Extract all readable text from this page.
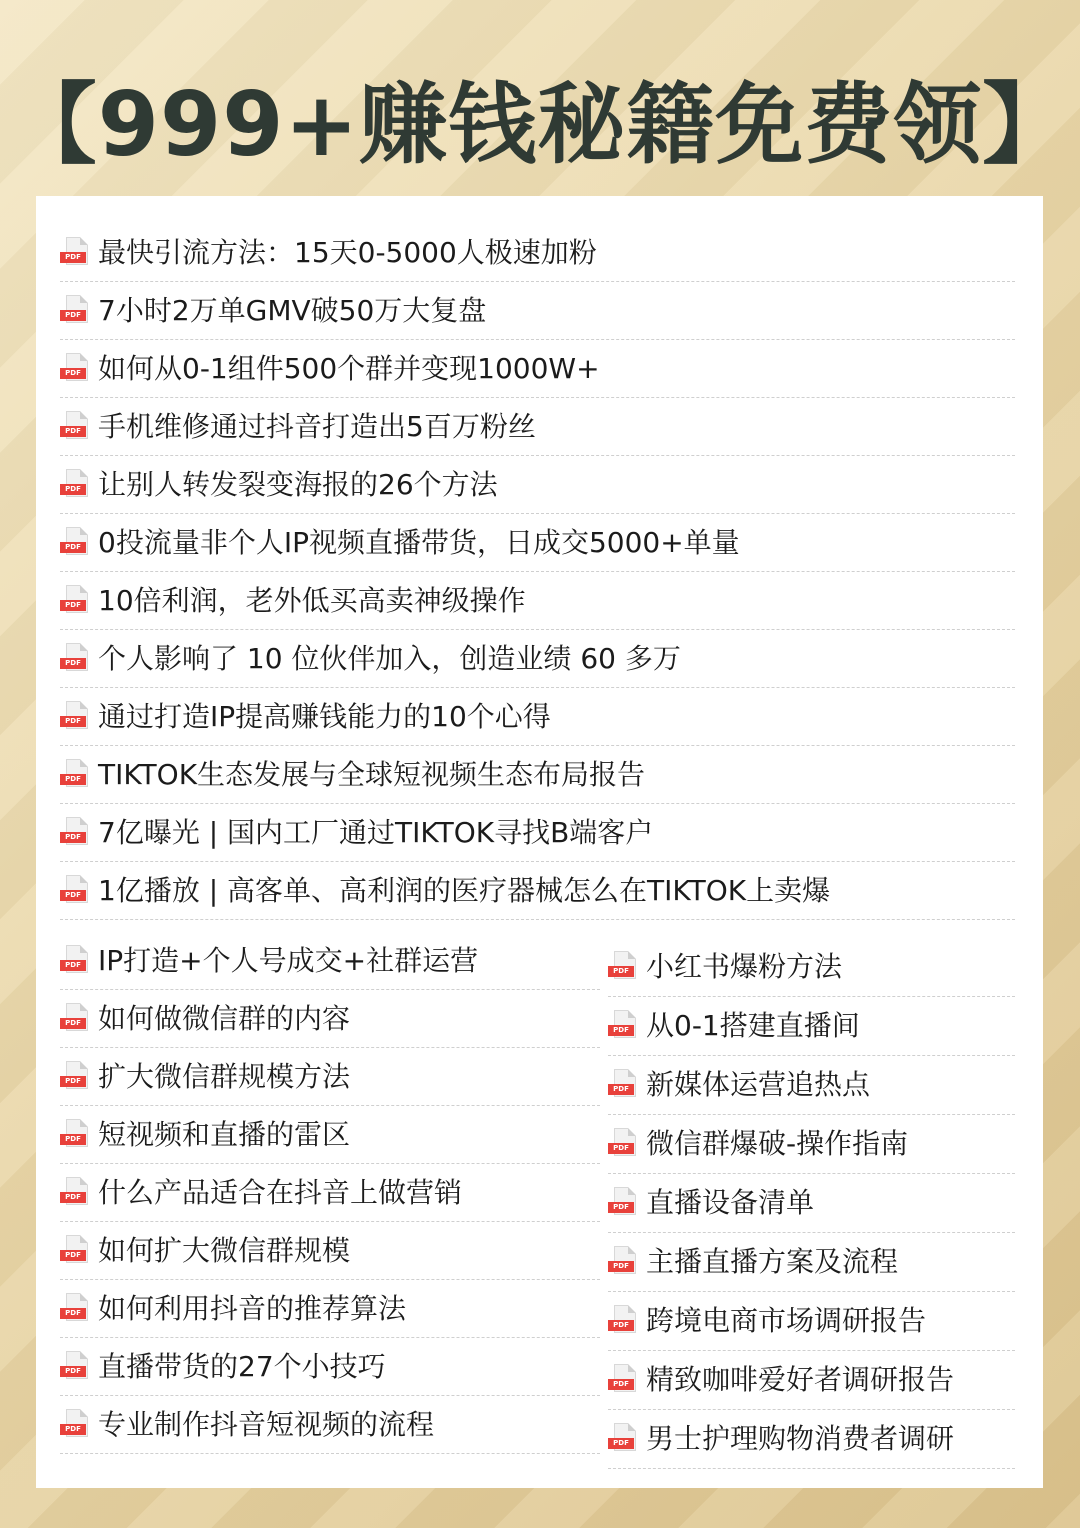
【999+赚钱秘籍免费领】
PDF 最快引流方法：15天0-5000人极速加粉
PDF 7小时2万单GMV破50万大复盘
PDF 如何从0-1组件500个群并变现1000W+
PDF 手机维修通过抖音打造出5百万粉丝
PDF 让别人转发裂变海报的26个方法
PDF 0投流量非个人IP视频直播带货，日成交5000+单量
PDF 10倍利润，老外低买高卖神级操作
PDF 个人影响了 10 位伙伴加入，创造业绩 60 多万
PDF 通过打造IP提高赚钱能力的10个心得
PDF TIKTOK生态发展与全球短视频生态布局报告
PDF 7亿曝光 | 国内工厂通过TIKTOK寻找B端客户
PDF 1亿播放 | 高客单、高利润的医疗器械怎么在TIKTOK上卖爆
PDF IP打造+个人号成交+社群运营
PDF 如何做微信群的内容
PDF 扩大微信群规模方法
PDF 短视频和直播的雷区
PDF 什么产品适合在抖音上做营销
PDF 如何扩大微信群规模
PDF 如何利用抖音的推荐算法
PDF 直播带货的27个小技巧
PDF 专业制作抖音短视频的流程
PDF 小红书爆粉方法
PDF 从0-1搭建直播间
PDF 新媒体运营追热点
PDF 微信群爆破-操作指南
PDF 直播设备清单
PDF 主播直播方案及流程
PDF 跨境电商市场调研报告
PDF 精致咖啡爱好者调研报告
PDF 男士护理购物消费者调研
